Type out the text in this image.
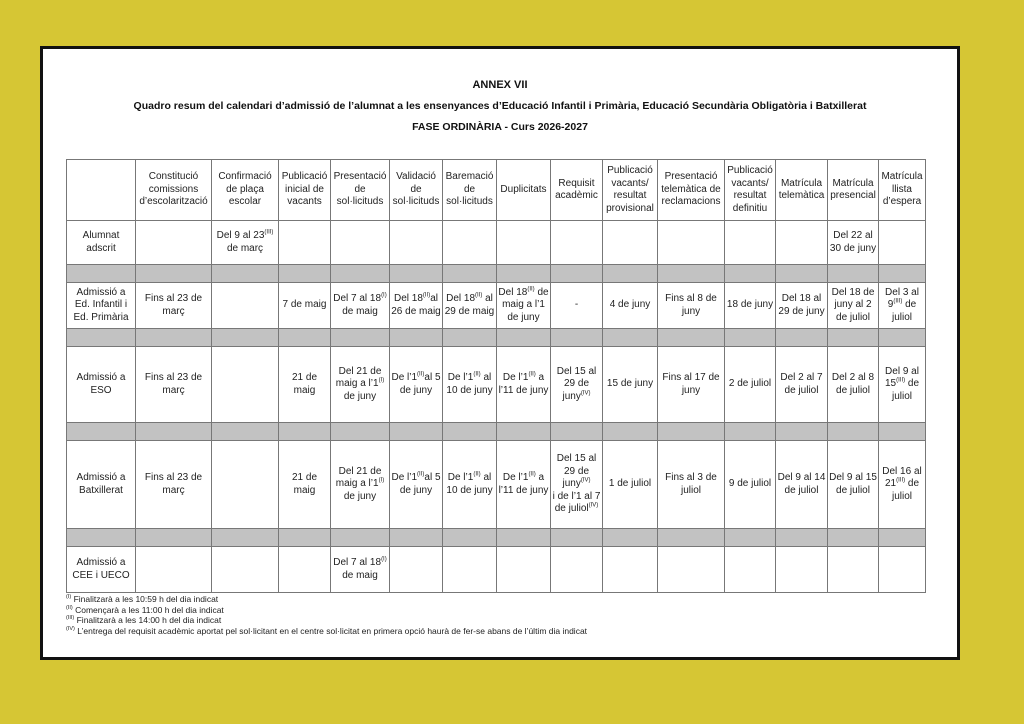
ANNEX VII
Quadro resum del calendari d’admissió de l’alumnat a les ensenyances d’Educació Infantil i Primària, Educació Secundària Obligatòria i Batxillerat
FASE ORDINÀRIA - Curs 2026-2027
	Constitució comissions d’escolarització	Confirmació de plaça escolar	Publicació inicial de vacants	Presentació de sol·licituds	Validació de sol·licituds	Baremació de sol·licituds	Duplicitats	Requisit acadèmic	Publicació vacants/ resultat provisional	Presentació telemàtica de reclamacions	Publicació vacants/ resultat definitiu	Matrícula telemàtica	Matrícula presencial	Matrícula llista d’espera
Alumnat adscrit		Del 9 al $23^{(III)}$ de març											Del 22 al 30 de juny	

Admissió a Ed. Infantil i Ed. Primària	Fins al 23 de març		7 de maig	Del 7 al $18^{(I)}$ de maig	Del $18^{(II)}al$ 26 de maig	Del $18^{(II)}$ al 29 de maig	Del $18^{(II)}$ de maig a l’1 de juny	-	4 de juny	Fins al 8 de juny	18 de juny	Del 18 al 29 de juny	Del 18 de juny al 2 de juliol	Del 3 al $9^{(III)}$ de juliol

Admissió a ESO	Fins al 23 de març		21 de maig	Del 21 de maig a $l’1^{(I)}$ de juny	De $l’1^{(II)}al$ 5 de juny	De $l’1^{(II)}$ al 10 de juny	De $l’1^{(II)}$ a l’11 de juny	Del 15 al 29 de juny$^{(IV)}$	15 de juny	Fins al 17 de juny	2 de juliol	Del 2 al 7 de juliol	Del 2 al 8 de juliol	Del 9 al $15^{(III)}$ de juliol

Admissió a Batxillerat	Fins al 23 de març		21 de maig	Del 21 de maig a $l’1^{(I)}$ de juny	De $l’1^{(II)}al$ 5 de juny	De $l’1^{(II)}$ al 10 de juny	De $l’1^{(II)}$ a l’11 de juny	Del 15 al 29 de juny$^{(IV)}$
i de l’1 al 7 de juliol$^{(IV)}$	1 de juliol	Fins al 3 de juliol	9 de juliol	Del 9 al 14 de juliol	Del 9 al 15 de juliol	Del 16 al $21^{(III)}$ de juliol

Admissió a CEE i UECO				Del 7 al $18^{(I)}$ de maig										
$^{(I)}$ Finalitzarà a les 10:59 h del dia indicat
$^{(II)}$ Començarà a les 11:00 h del dia indicat
$^{(III)}$ Finalitzarà a les 14:00 h del dia indicat
$^{(IV)}$ L’entrega del requisit acadèmic aportat pel sol·licitant en el centre sol·licitat en primera opció haurà de fer-se abans de l’últim dia indicat
